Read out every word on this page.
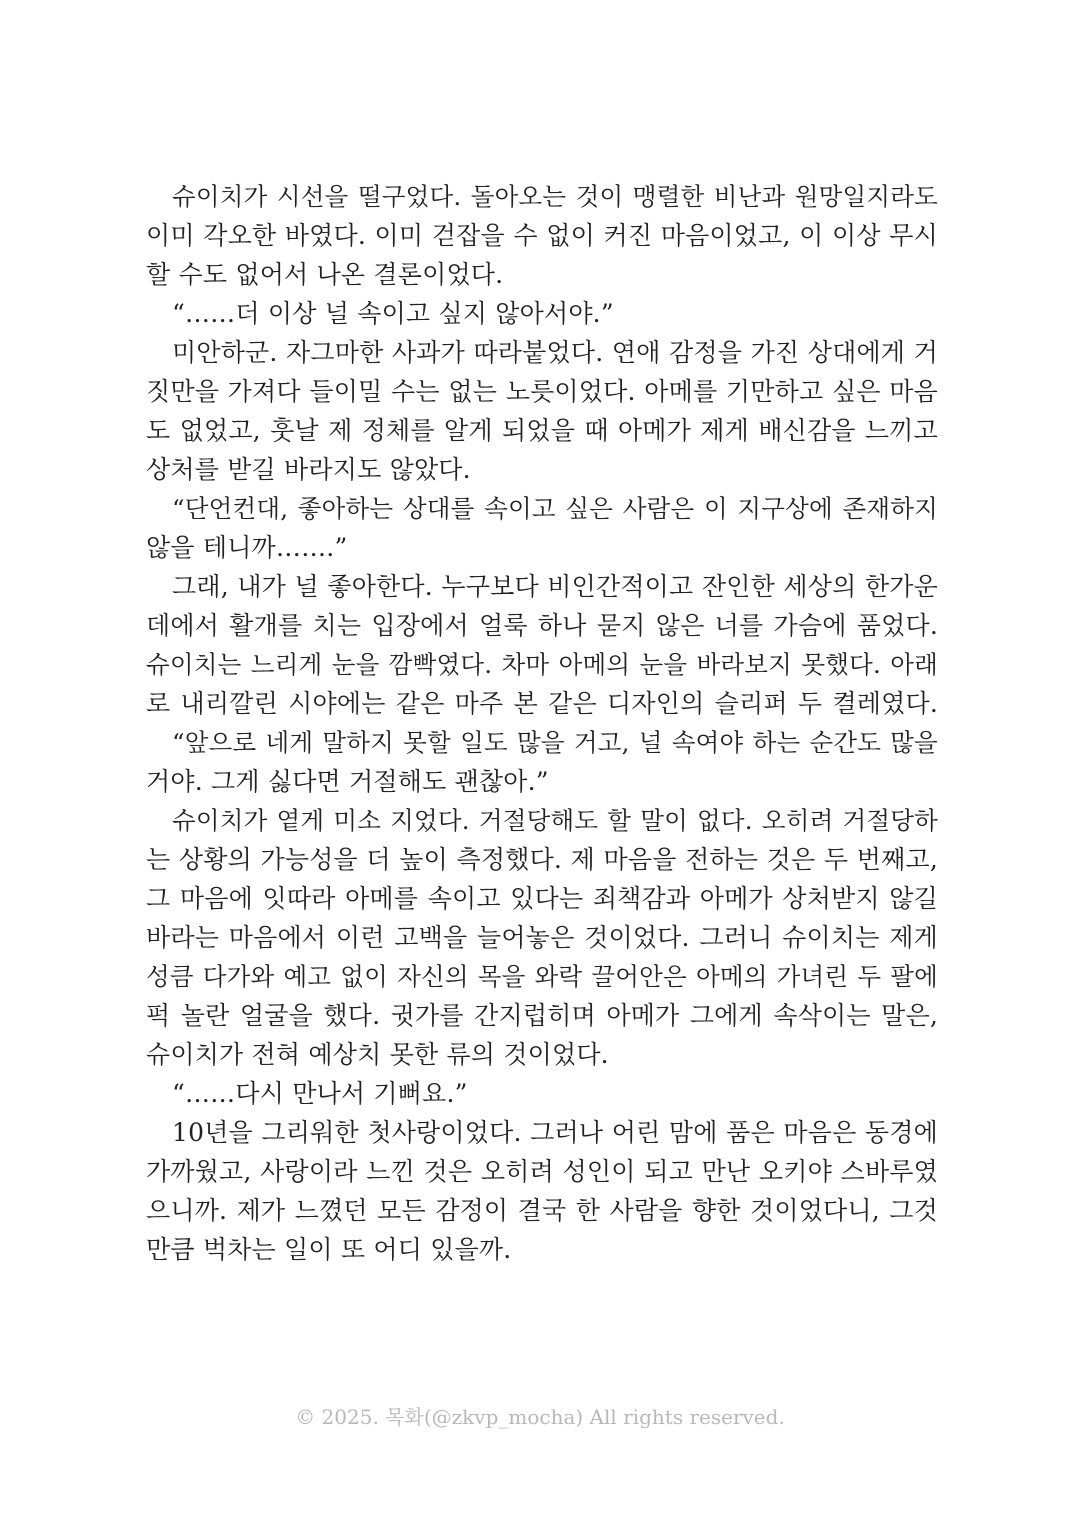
슈이치가 시선을 떨구었다. 돌아오는 것이 맹렬한 비난과 원망일지라도
이미 각오한 바였다. 이미 걷잡을 수 없이 커진 마음이었고, 이 이상 무시
할 수도 없어서 나온 결론이었다.
“……더 이상 널 속이고 싶지 않아서야.”
미안하군. 자그마한 사과가 따라붙었다. 연애 감정을 가진 상대에게 거
짓만을 가져다 들이밀 수는 없는 노릇이었다. 아메를 기만하고 싶은 마음
도 없었고, 훗날 제 정체를 알게 되었을 때 아메가 제게 배신감을 느끼고
상처를 받길 바라지도 않았다.
“단언컨대, 좋아하는 상대를 속이고 싶은 사람은 이 지구상에 존재하지
않을 테니까…….”
그래, 내가 널 좋아한다. 누구보다 비인간적이고 잔인한 세상의 한가운
데에서 활개를 치는 입장에서 얼룩 하나 묻지 않은 너를 가슴에 품었다.
슈이치는 느리게 눈을 깜빡였다. 차마 아메의 눈을 바라보지 못했다. 아래
로 내리깔린 시야에는 같은 마주 본 같은 디자인의 슬리퍼 두 켤레였다.
“앞으로 네게 말하지 못할 일도 많을 거고, 널 속여야 하는 순간도 많을
거야. 그게 싫다면 거절해도 괜찮아.”
슈이치가 옅게 미소 지었다. 거절당해도 할 말이 없다. 오히려 거절당하
는 상황의 가능성을 더 높이 측정했다. 제 마음을 전하는 것은 두 번째고,
그 마음에 잇따라 아메를 속이고 있다는 죄책감과 아메가 상처받지 않길
바라는 마음에서 이런 고백을 늘어놓은 것이었다. 그러니 슈이치는 제게
성큼 다가와 예고 없이 자신의 목을 와락 끌어안은 아메의 가녀린 두 팔에
퍽 놀란 얼굴을 했다. 귓가를 간지럽히며 아메가 그에게 속삭이는 말은,
슈이치가 전혀 예상치 못한 류의 것이었다.
“……다시 만나서 기뻐요.”
10년을 그리워한 첫사랑이었다. 그러나 어린 맘에 품은 마음은 동경에
가까웠고, 사랑이라 느낀 것은 오히려 성인이 되고 만난 오키야 스바루였
으니까. 제가 느꼈던 모든 감정이 결국 한 사람을 향한 것이었다니, 그것
만큼 벅차는 일이 또 어디 있을까.
© 2025. 목화(@zkvp_mocha) All rights reserved.
